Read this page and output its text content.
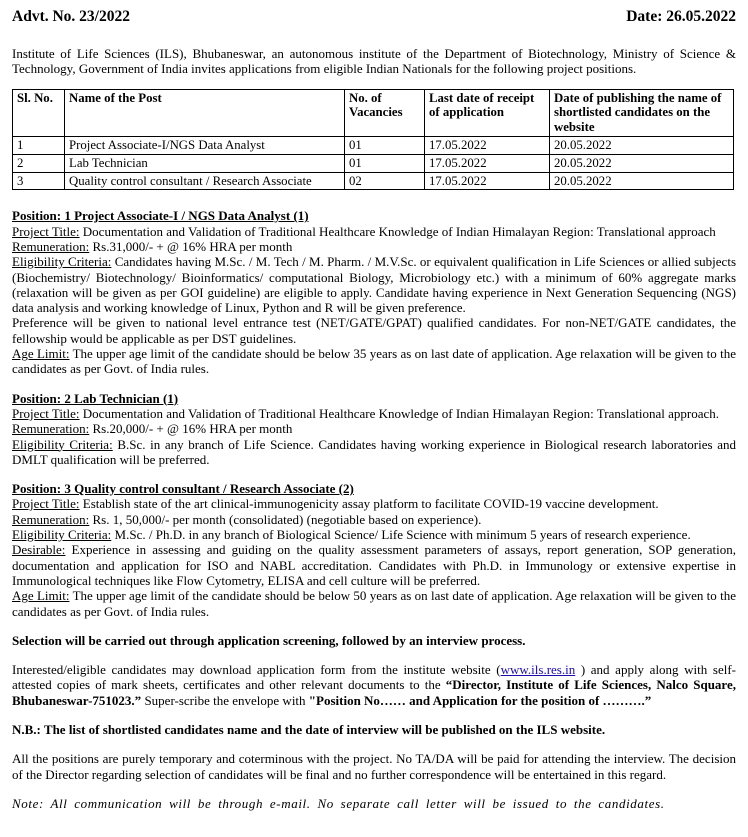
Advt. No. 23/2022	Date: 26.05.2022

Institute of Life Sciences (ILS), Bhubaneswar, an autonomous institute of the Department of Biotechnology, Ministry of Science & Technology, Government of India invites applications from eligible Indian Nationals for the following project positions.

Sl. No.	Name of the Post	No. of Vacancies	Last date of receipt of application	Date of publishing the name of shortlisted candidates on the website
1	Project Associate-I/NGS Data Analyst	01	17.05.2022	20.05.2022
2	Lab Technician	01	17.05.2022	20.05.2022
3	Quality control consultant / Research Associate	02	17.05.2022	20.05.2022

Position: 1 Project Associate-I / NGS Data Analyst (1)

Project Title: Documentation and Validation of Traditional Healthcare Knowledge of Indian Himalayan Region: Translational approach

Remuneration: Rs.31,000/- + @ 16% HRA per month

Eligibility Criteria: Candidates having M.Sc. / M. Tech / M. Pharm. / M.V.Sc. or equivalent qualification in Life Sciences or allied subjects (Biochemistry/ Biotechnology/ Bioinformatics/ computational Biology, Microbiology etc.) with a minimum of 60% aggregate marks (relaxation will be given as per GOI guideline) are eligible to apply. Candidate having experience in Next Generation Sequencing (NGS) data analysis and working knowledge of Linux, Python and R will be given preference.

Preference will be given to national level entrance test (NET/GATE/GPAT) qualified candidates. For non-NET/GATE candidates, the fellowship would be applicable as per DST guidelines.

Age Limit: The upper age limit of the candidate should be below 35 years as on last date of application. Age relaxation will be given to the candidates as per Govt. of India rules.

Position: 2 Lab Technician (1)

Project Title: Documentation and Validation of Traditional Healthcare Knowledge of Indian Himalayan Region: Translational approach.

Remuneration: Rs.20,000/- + @ 16% HRA per month

Eligibility Criteria: B.Sc. in any branch of Life Science. Candidates having working experience in Biological research laboratories and DMLT qualification will be preferred.

Position: 3 Quality control consultant / Research Associate (2)

Project Title: Establish state of the art clinical-immunogenicity assay platform to facilitate COVID-19 vaccine development.

Remuneration: Rs. 1, 50,000/- per month (consolidated) (negotiable based on experience).

Eligibility Criteria: M.Sc. / Ph.D. in any branch of Biological Science/ Life Science with minimum 5 years of research experience.

Desirable: Experience in assessing and guiding on the quality assessment parameters of assays, report generation, SOP generation, documentation and application for ISO and NABL accreditation. Candidates with Ph.D. in Immunology or extensive expertise in Immunological techniques like Flow Cytometry, ELISA and cell culture will be preferred.

Age Limit: The upper age limit of the candidate should be below 50 years as on last date of application. Age relaxation will be given to the candidates as per Govt. of India rules.

Selection will be carried out through application screening, followed by an interview process.

Interested/eligible candidates may download application form from the institute website (www.ils.res.in ) and apply along with self-attested copies of mark sheets, certificates and other relevant documents to the “Director, Institute of Life Sciences, Nalco Square, Bhubaneswar-751023.” Super-scribe the envelope with "Position No…… and Application for the position of ……….”

N.B.: The list of shortlisted candidates name and the date of interview will be published on the ILS website.

All the positions are purely temporary and coterminous with the project. No TA/DA will be paid for attending the interview. The decision of the Director regarding selection of candidates will be final and no further correspondence will be entertained in this regard.

Note: All communication will be through e-mail. No separate call letter will be issued to the candidates.
